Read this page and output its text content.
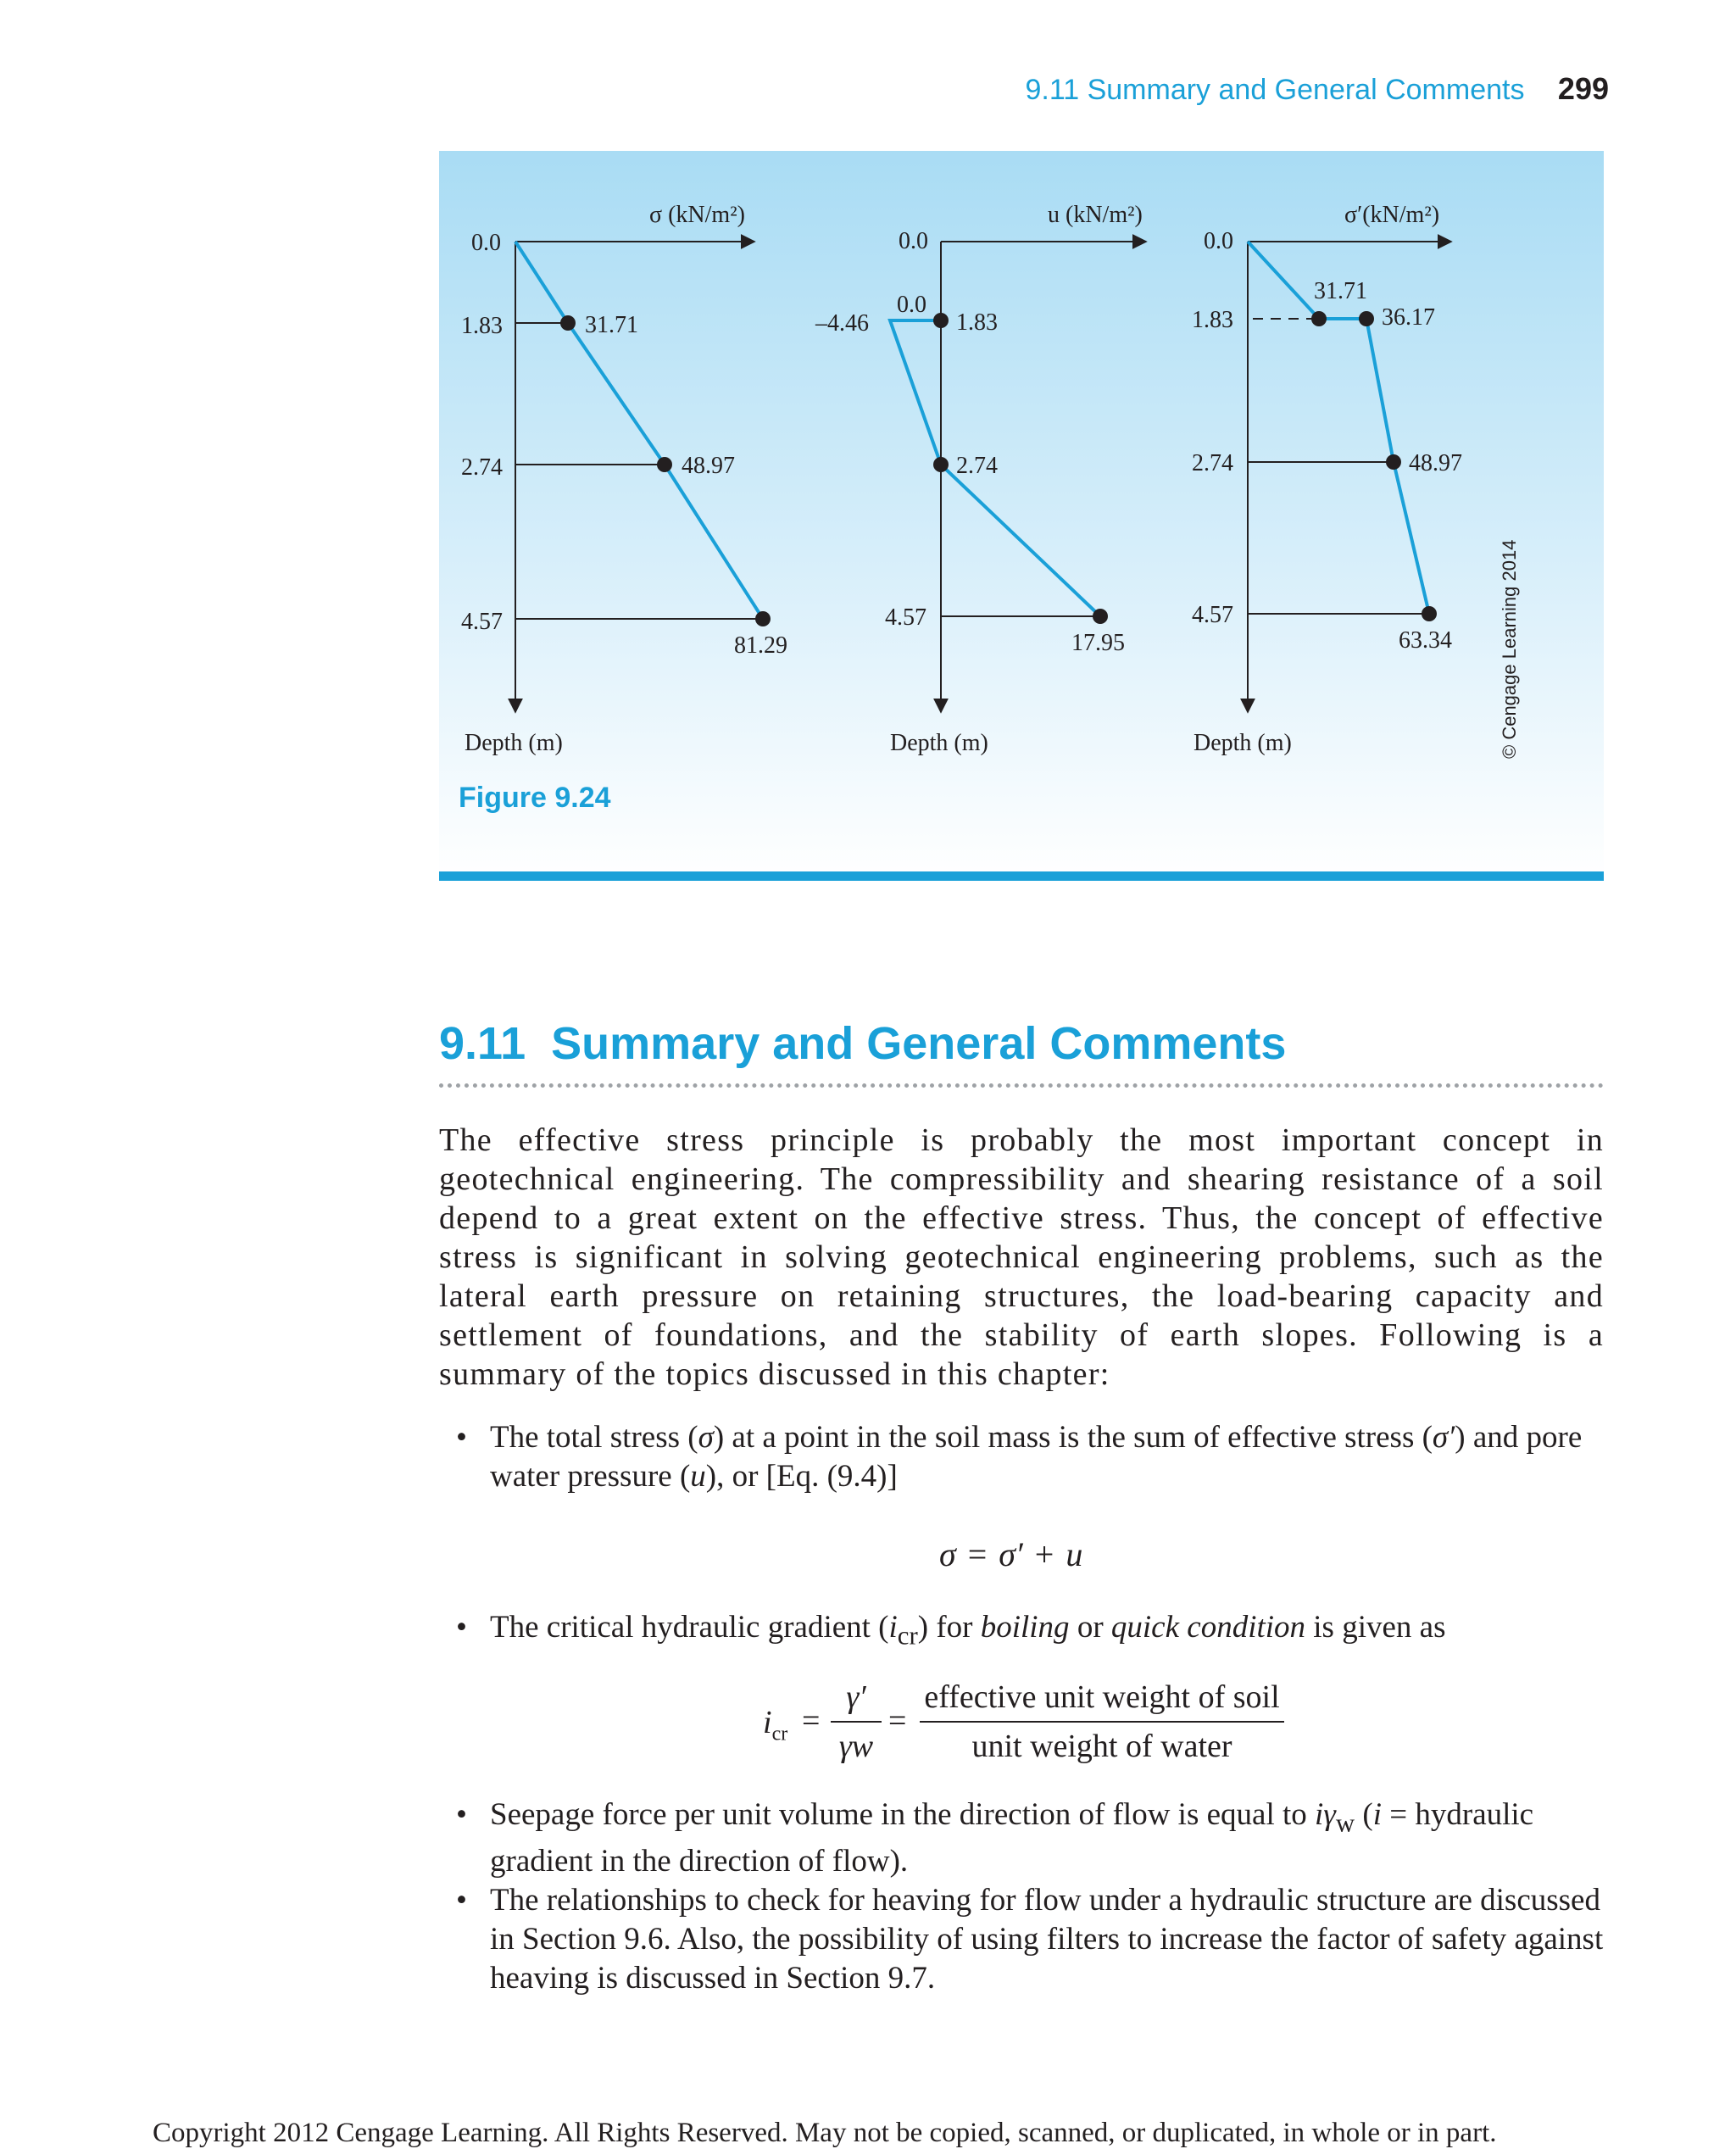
9.11 Summary and General Comments 299
σ (kN/m²)
0.0
1.83
2.74
4.57
31.71
48.97
81.29
Depth (m)
u (kN/m²)
0.0
0.0
–4.46	1.83
2.74
4.57
17.95
Depth (m)
σ′(kN/m²)
0.0
1.83
2.74
4.57
31.71
36.17
48.97
63.34
Depth (m)
Figure 9.24
© Cengage Learning 2014
9.11 Summary and General Comments

The effective stress principle is probably the most important concept in geotechnical engineering. The compressibility and shearing resistance of a soil depend to a great extent on the effective stress. Thus, the concept of effective stress is significant in solving geotechnical engineering problems, such as the lateral earth pressure on retaining structures, the load-bearing capacity and settlement of foundations, and the stability of earth slopes. Following is a summary of the topics discussed in this chapter:

• The total stress (σ) at a point in the soil mass is the sum of effective stress (σ′) and pore water pressure (u), or [Eq. (9.4)]
σ = σ′ + u
• The critical hydraulic gradient $(i_{cr})$ for boiling or quick condition is given as
$i_{cr}$ =
γ′
γw
=
effective unit weight of soil
unit weight of water
• Seepage force per unit volume in the direction of flow is equal to $i\gamma_w$ (i = hydraulic gradient in the direction of flow).
• The relationships to check for heaving for flow under a hydraulic structure are discussed in Section 9.6. Also, the possibility of using filters to increase the factor of safety against heaving is discussed in Section 9.7.
Copyright 2012 Cengage Learning. All Rights Reserved. May not be copied, scanned, or duplicated, in whole or in part.
